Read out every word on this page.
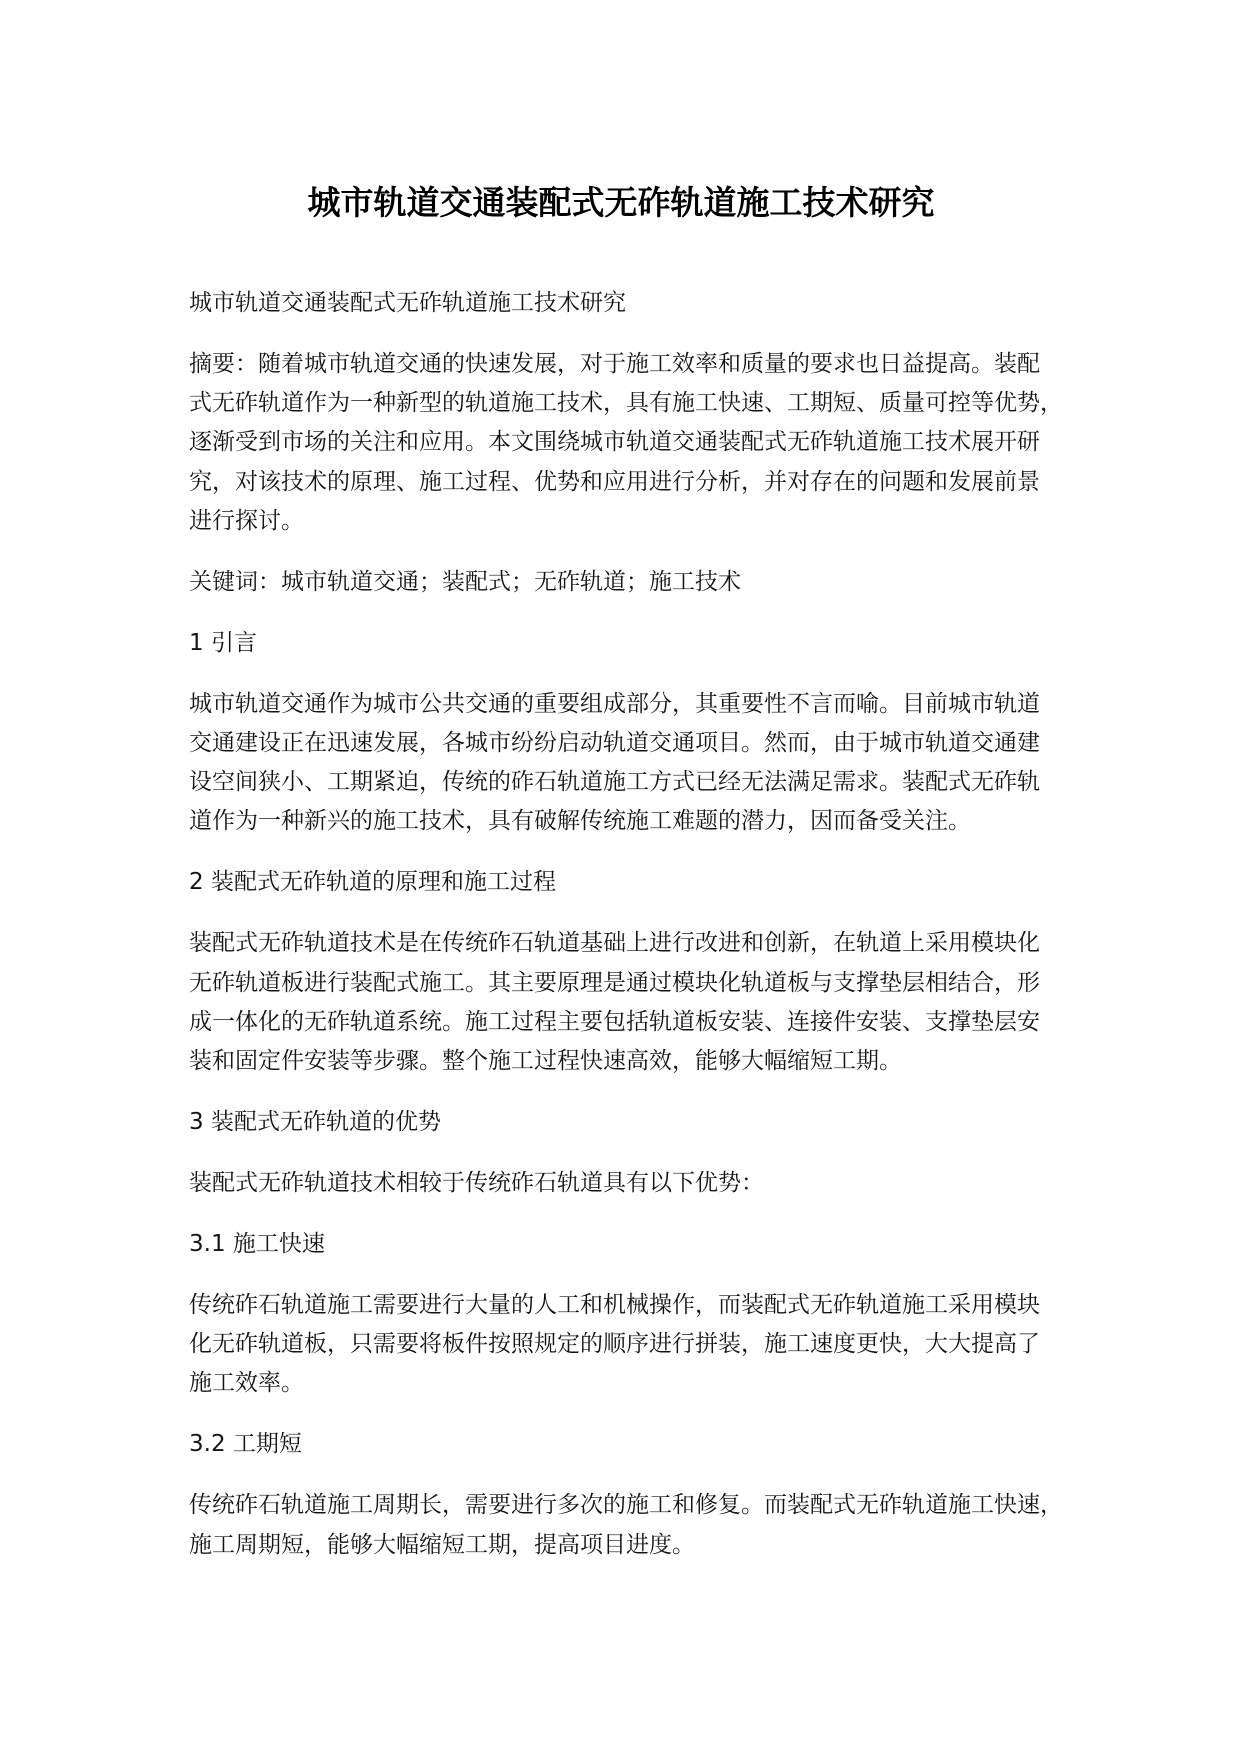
城市轨道交通装配式无砟轨道施工技术研究
城市轨道交通装配式无砟轨道施工技术研究
摘要：随着城市轨道交通的快速发展，对于施工效率和质量的要求也日益提高。装配
式无砟轨道作为一种新型的轨道施工技术，具有施工快速、工期短、质量可控等优势，
逐渐受到市场的关注和应用。本文围绕城市轨道交通装配式无砟轨道施工技术展开研
究，对该技术的原理、施工过程、优势和应用进行分析，并对存在的问题和发展前景
进行探讨。
关键词：城市轨道交通；装配式；无砟轨道；施工技术
1 引言
城市轨道交通作为城市公共交通的重要组成部分，其重要性不言而喻。目前城市轨道
交通建设正在迅速发展，各城市纷纷启动轨道交通项目。然而，由于城市轨道交通建
设空间狭小、工期紧迫，传统的砟石轨道施工方式已经无法满足需求。装配式无砟轨
道作为一种新兴的施工技术，具有破解传统施工难题的潜力，因而备受关注。
2 装配式无砟轨道的原理和施工过程
装配式无砟轨道技术是在传统砟石轨道基础上进行改进和创新，在轨道上采用模块化
无砟轨道板进行装配式施工。其主要原理是通过模块化轨道板与支撑垫层相结合，形
成一体化的无砟轨道系统。施工过程主要包括轨道板安装、连接件安装、支撑垫层安
装和固定件安装等步骤。整个施工过程快速高效，能够大幅缩短工期。
3 装配式无砟轨道的优势
装配式无砟轨道技术相较于传统砟石轨道具有以下优势：
3.1 施工快速
传统砟石轨道施工需要进行大量的人工和机械操作，而装配式无砟轨道施工采用模块
化无砟轨道板，只需要将板件按照规定的顺序进行拼装，施工速度更快，大大提高了
施工效率。
3.2 工期短
传统砟石轨道施工周期长，需要进行多次的施工和修复。而装配式无砟轨道施工快速，
施工周期短，能够大幅缩短工期，提高项目进度。
